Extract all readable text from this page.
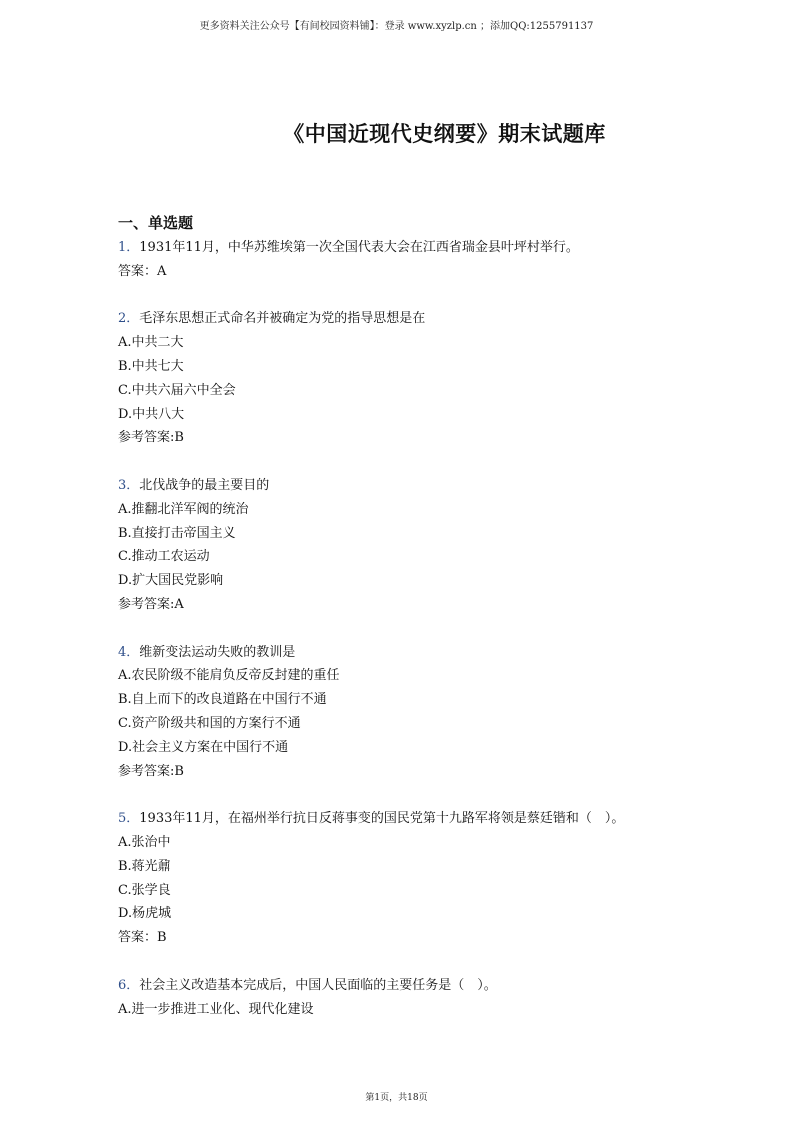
更多资料关注公众号【有间校园资料铺】：登录 www.xyzlp.cn ；添加QQ:1255791137
《中国近现代史纲要》期末试题库
一、单选题
1．1931年11月，中华苏维埃第一次全国代表大会在江西省瑞金县叶坪村举行。
答案：A
2．毛泽东思想正式命名并被确定为党的指导思想是在
A.中共二大
B.中共七大
C.中共六届六中全会
D.中共八大
参考答案:B
3．北伐战争的最主要目的
A.推翻北洋军阀的统治
B.直接打击帝国主义
C.推动工农运动
D.扩大国民党影响
参考答案:A
4．维新变法运动失败的教训是
A.农民阶级不能肩负反帝反封建的重任
B.自上而下的改良道路在中国行不通
C.资产阶级共和国的方案行不通
D.社会主义方案在中国行不通
参考答案:B
5．1933年11月，在福州举行抗日反蒋事变的国民党第十九路军将领是蔡廷锴和（　）。
A.张治中
B.蒋光鼐
C.张学良
D.杨虎城
答案：B
6．社会主义改造基本完成后，中国人民面临的主要任务是（　）。
A.进一步推进工业化、现代化建设
第1页，共18页
